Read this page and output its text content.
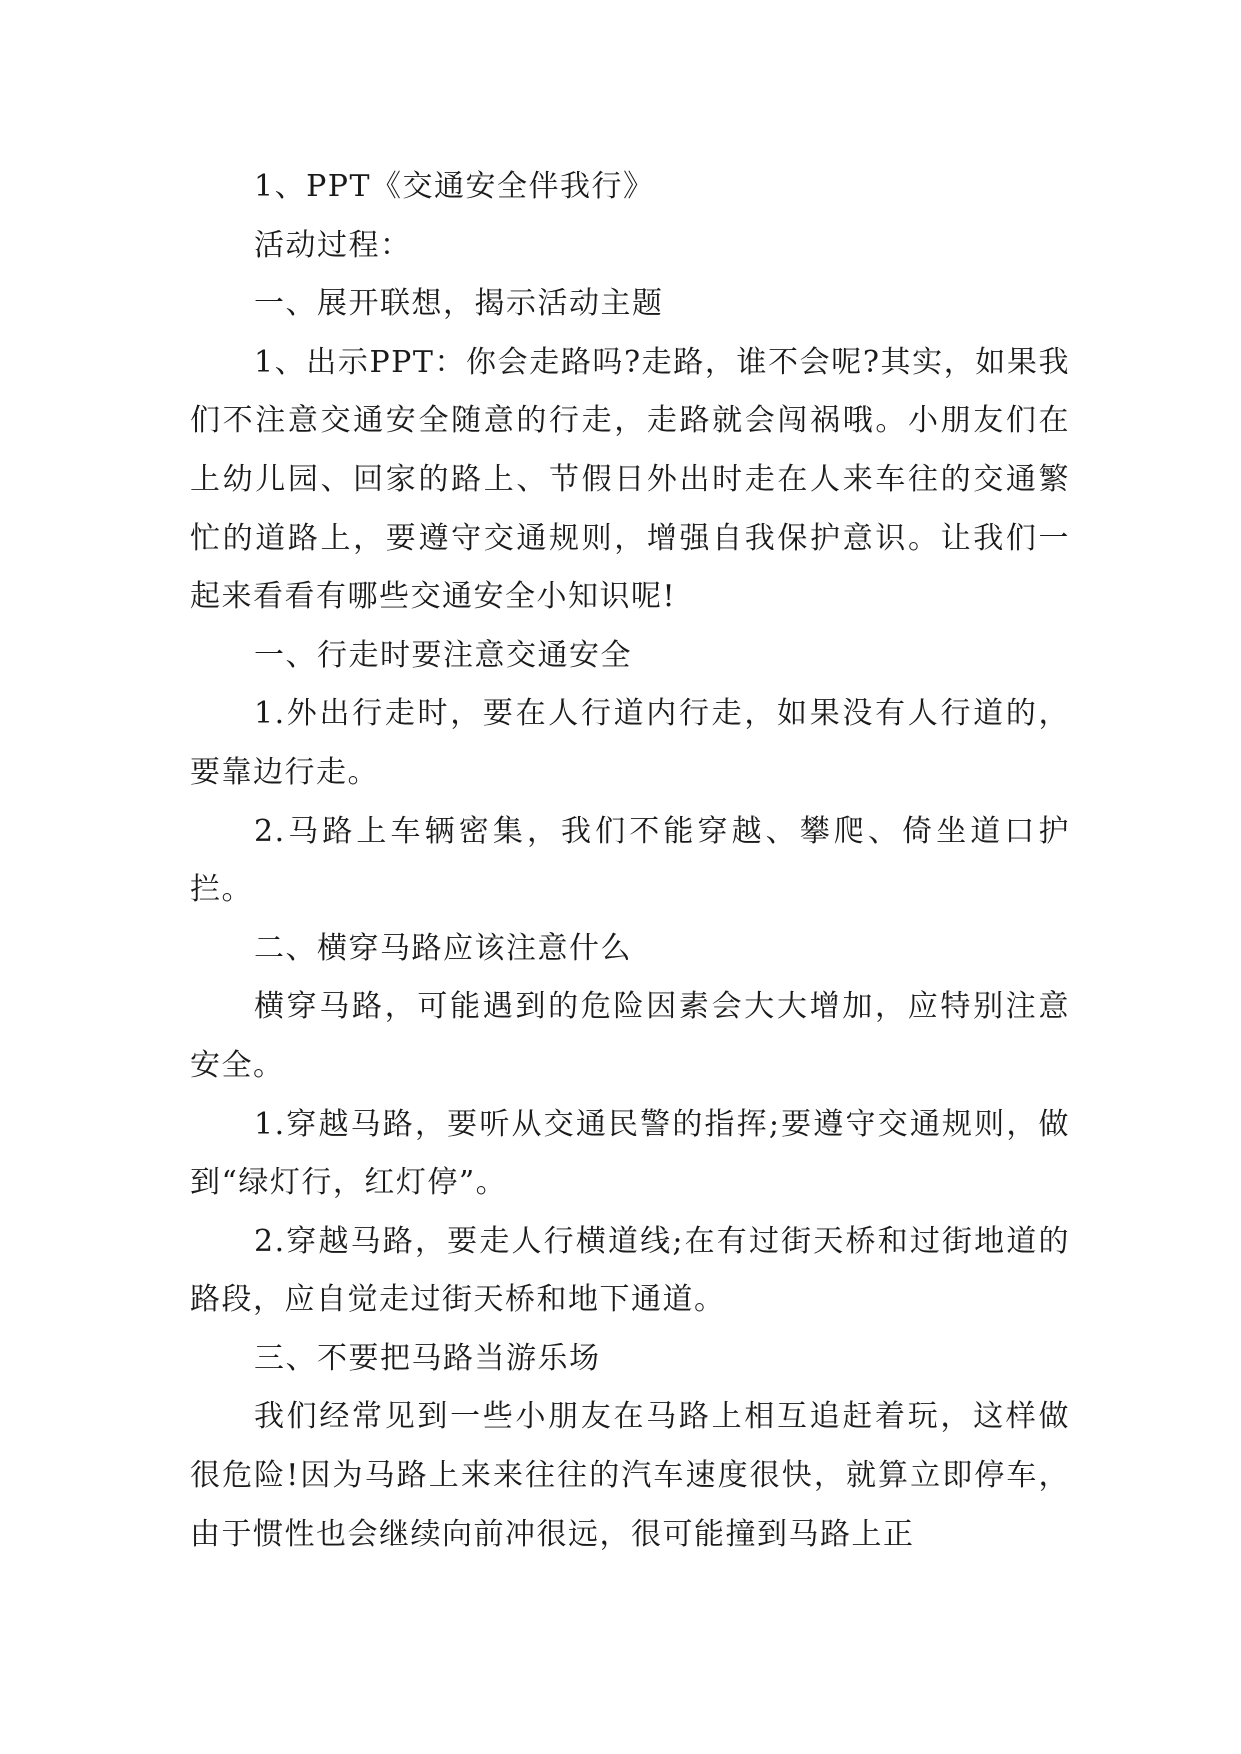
1、PPT《交通安全伴我行》

活动过程：

一、展开联想，揭示活动主题

1、出示PPT：你会走路吗?走路，谁不会呢?其实，如果我们不注意交通安全随意的行走，走路就会闯祸哦。小朋友们在上幼儿园、回家的路上、节假日外出时走在人来车往的交通繁忙的道路上，要遵守交通规则，增强自我保护意识。让我们一起来看看有哪些交通安全小知识呢!

一、行走时要注意交通安全

1.外出行走时，要在人行道内行走，如果没有人行道的，要靠边行走。

2.马路上车辆密集，我们不能穿越、攀爬、倚坐道口护拦。

二、横穿马路应该注意什么

横穿马路，可能遇到的危险因素会大大增加，应特别注意安全。

1.穿越马路，要听从交通民警的指挥;要遵守交通规则，做到“绿灯行，红灯停”。

2.穿越马路，要走人行横道线;在有过街天桥和过街地道的路段，应自觉走过街天桥和地下通道。

三、不要把马路当游乐场

我们经常见到一些小朋友在马路上相互追赶着玩，这样做很危险!因为马路上来来往往的汽车速度很快，就算立即停车，由于惯性也会继续向前冲很远，很可能撞到马路上正
